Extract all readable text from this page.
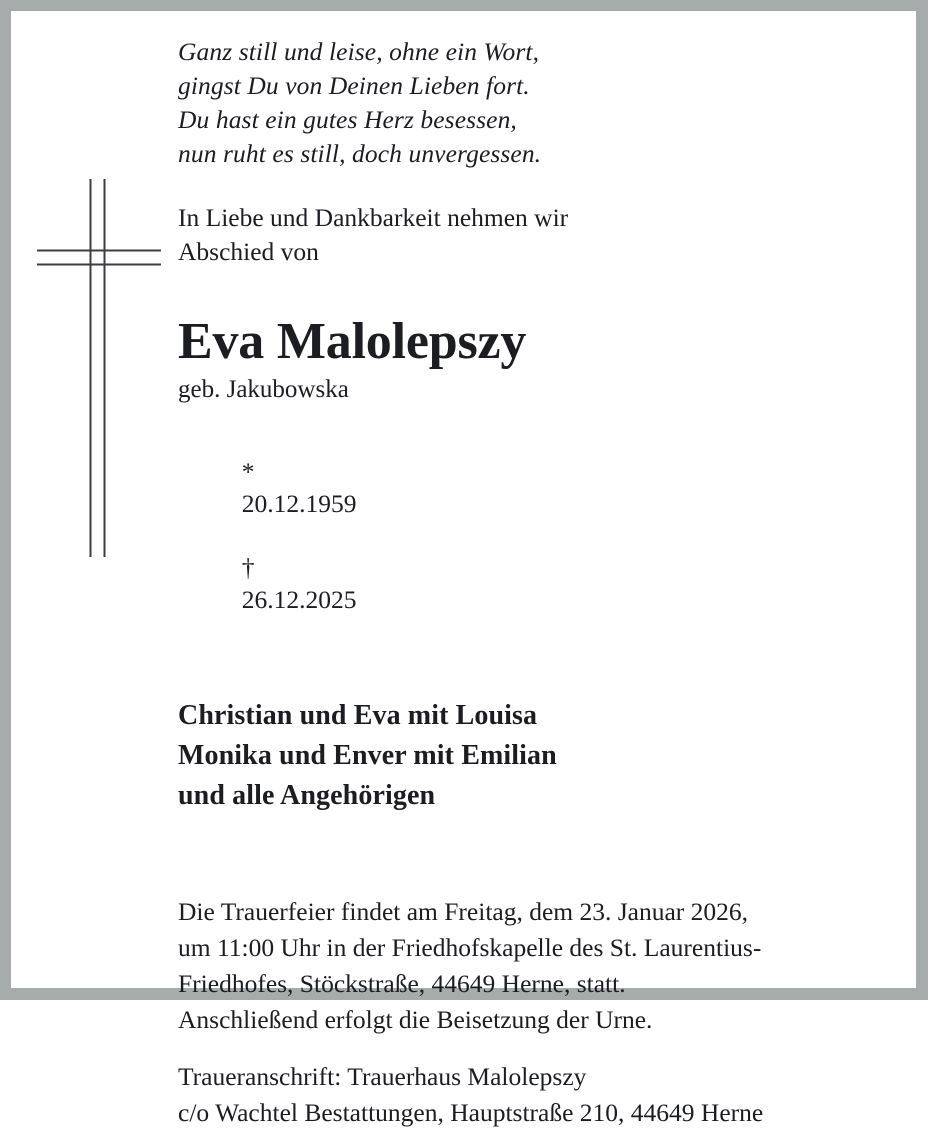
Ganz still und leise, ohne ein Wort,
gingst Du von Deinen Lieben fort.
Du hast ein gutes Herz besessen,
nun ruht es still, doch unvergessen.
In Liebe und Dankbarkeit nehmen wir
Abschied von
Eva Malolepszy
geb. Jakubowska

*
20.12.1959

†
26.12.2025

Christian und Eva mit Louisa
Monika und Enver mit Emilian
und alle Angehörigen
Die Trauerfeier findet am Freitag, dem 23. Januar 2026,
um 11:00 Uhr in der Friedhofskapelle des St. Laurentius-
Friedhofes, Stöckstraße, 44649 Herne, statt.
Anschließend erfolgt die Beisetzung der Urne.
Traueranschrift: Trauerhaus Malolepszy
c/o Wachtel Bestattungen, Hauptstraße 210, 44649 Herne
